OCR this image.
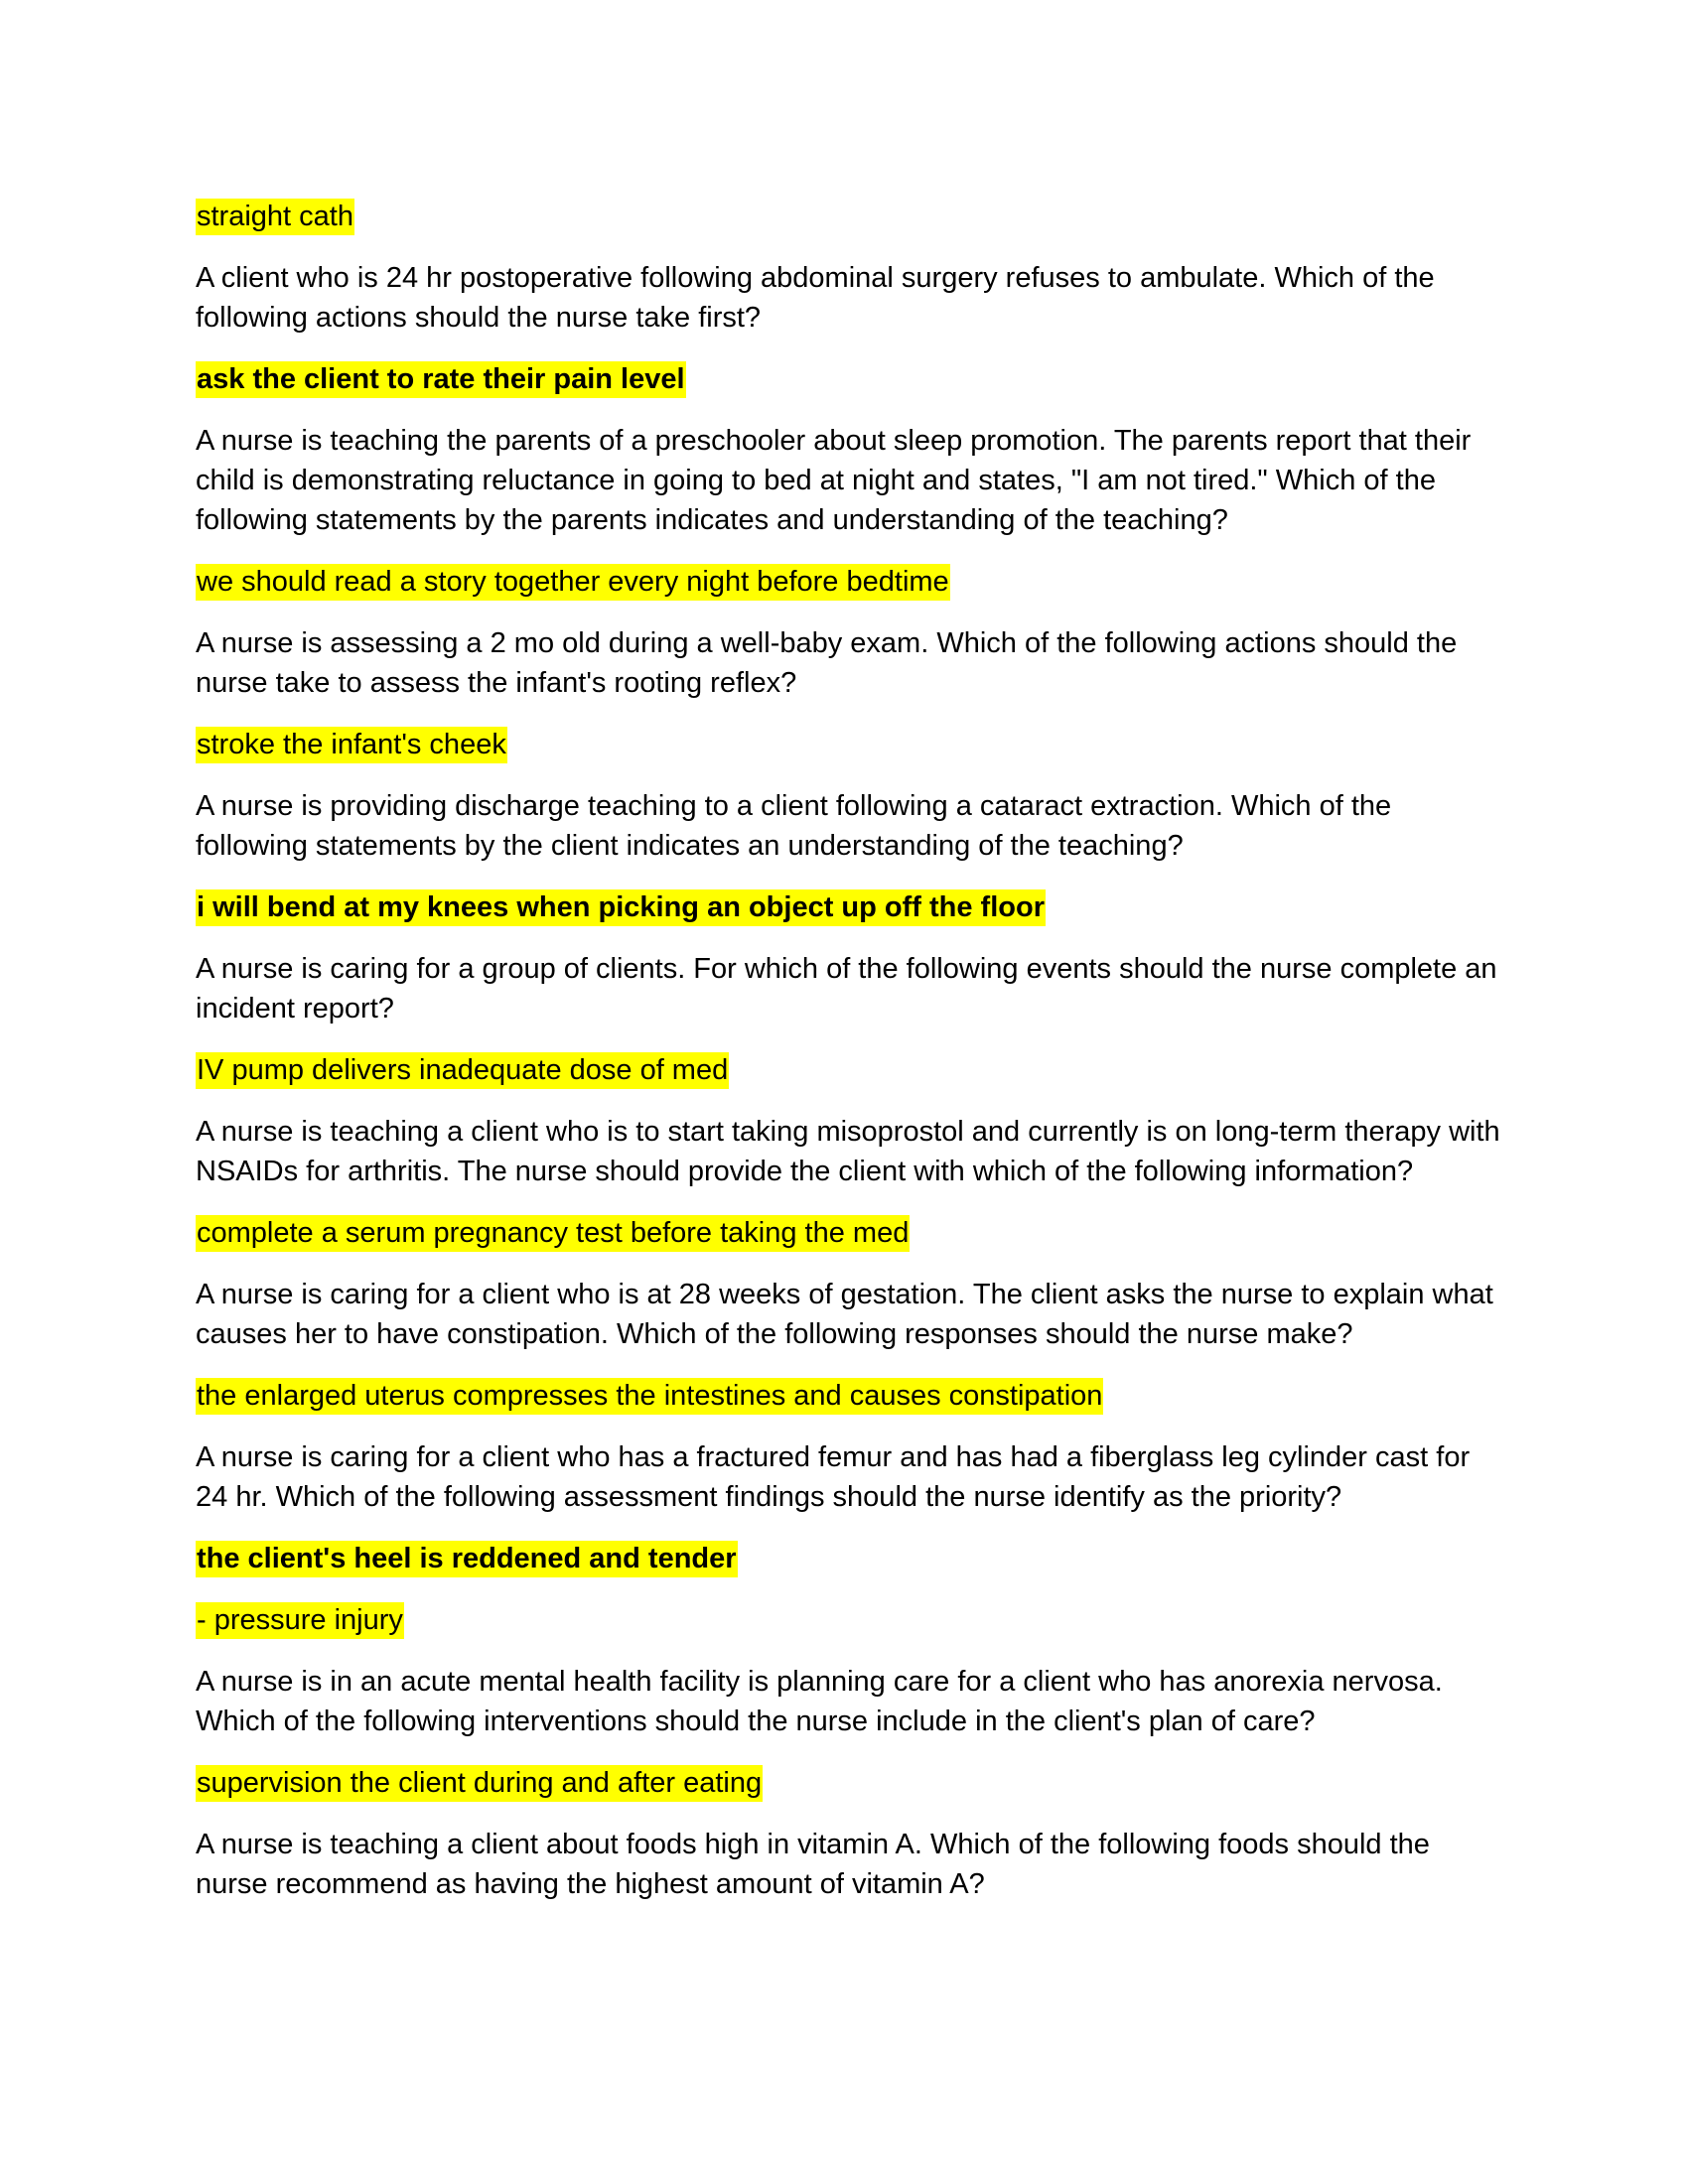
straight cath

A client who is 24 hr postoperative following abdominal surgery refuses to ambulate. Which of the following actions should the nurse take first?

ask the client to rate their pain level

A nurse is teaching the parents of a preschooler about sleep promotion. The parents report that their child is demonstrating reluctance in going to bed at night and states, "I am not tired." Which of the following statements by the parents indicates and understanding of the teaching?

we should read a story together every night before bedtime

A nurse is assessing a 2 mo old during a well-baby exam. Which of the following actions should the nurse take to assess the infant's rooting reflex?

stroke the infant's cheek

A nurse is providing discharge teaching to a client following a cataract extraction. Which of the following statements by the client indicates an understanding of the teaching?

i will bend at my knees when picking an object up off the floor

A nurse is caring for a group of clients. For which of the following events should the nurse complete an incident report?

IV pump delivers inadequate dose of med

A nurse is teaching a client who is to start taking misoprostol and currently is on long-term therapy with NSAIDs for arthritis. The nurse should provide the client with which of the following information?

complete a serum pregnancy test before taking the med

A nurse is caring for a client who is at 28 weeks of gestation. The client asks the nurse to explain what causes her to have constipation. Which of the following responses should the nurse make?

the enlarged uterus compresses the intestines and causes constipation

A nurse is caring for a client who has a fractured femur and has had a fiberglass leg cylinder cast for 24 hr. Which of the following assessment findings should the nurse identify as the priority?

the client's heel is reddened and tender

- pressure injury

A nurse is in an acute mental health facility is planning care for a client who has anorexia nervosa. Which of the following interventions should the nurse include in the client's plan of care?

supervision the client during and after eating

A nurse is teaching a client about foods high in vitamin A. Which of the following foods should the nurse recommend as having the highest amount of vitamin A?
